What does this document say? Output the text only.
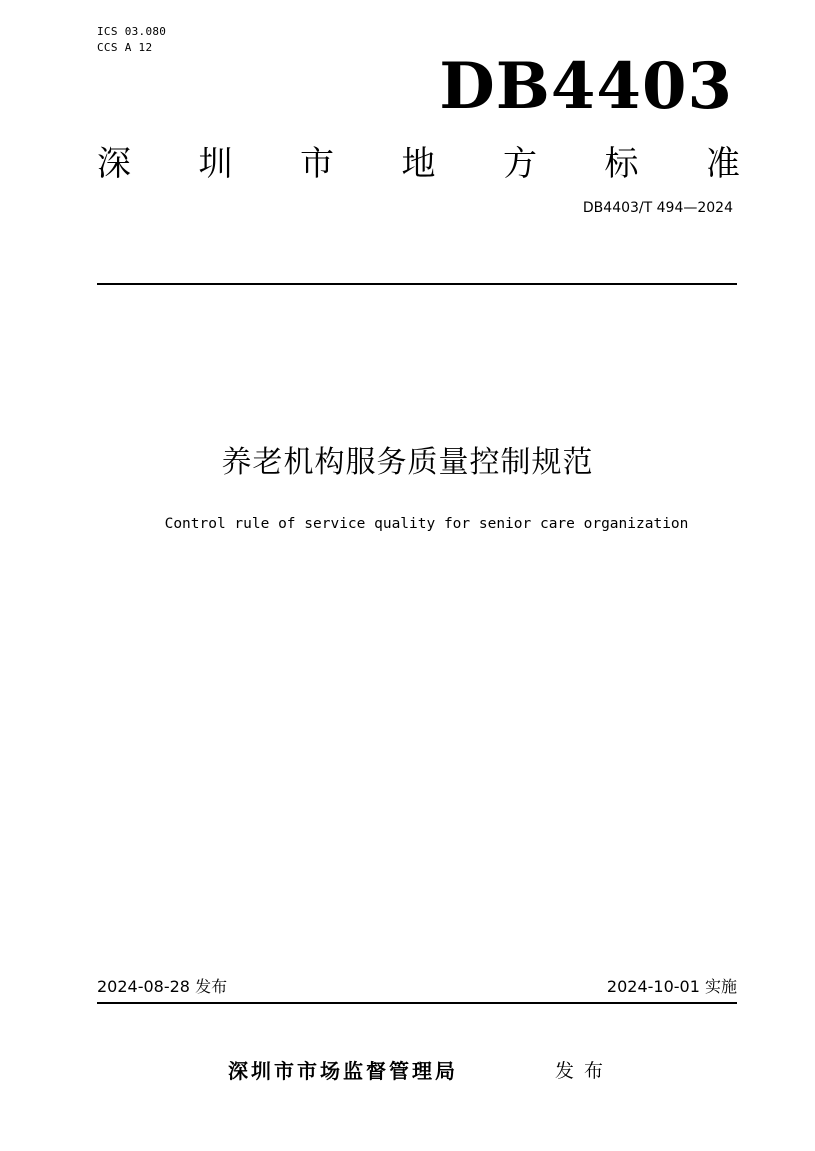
ICS 03.080
CCS A 12
DB4403
深 圳 市 地 方 标 准
DB4403/T 494—2024
养老机构服务质量控制规范
Control rule of service quality for senior care organization
2024-08-28 发布	2024-10-01 实施
深圳市市场监督管理局	发布
